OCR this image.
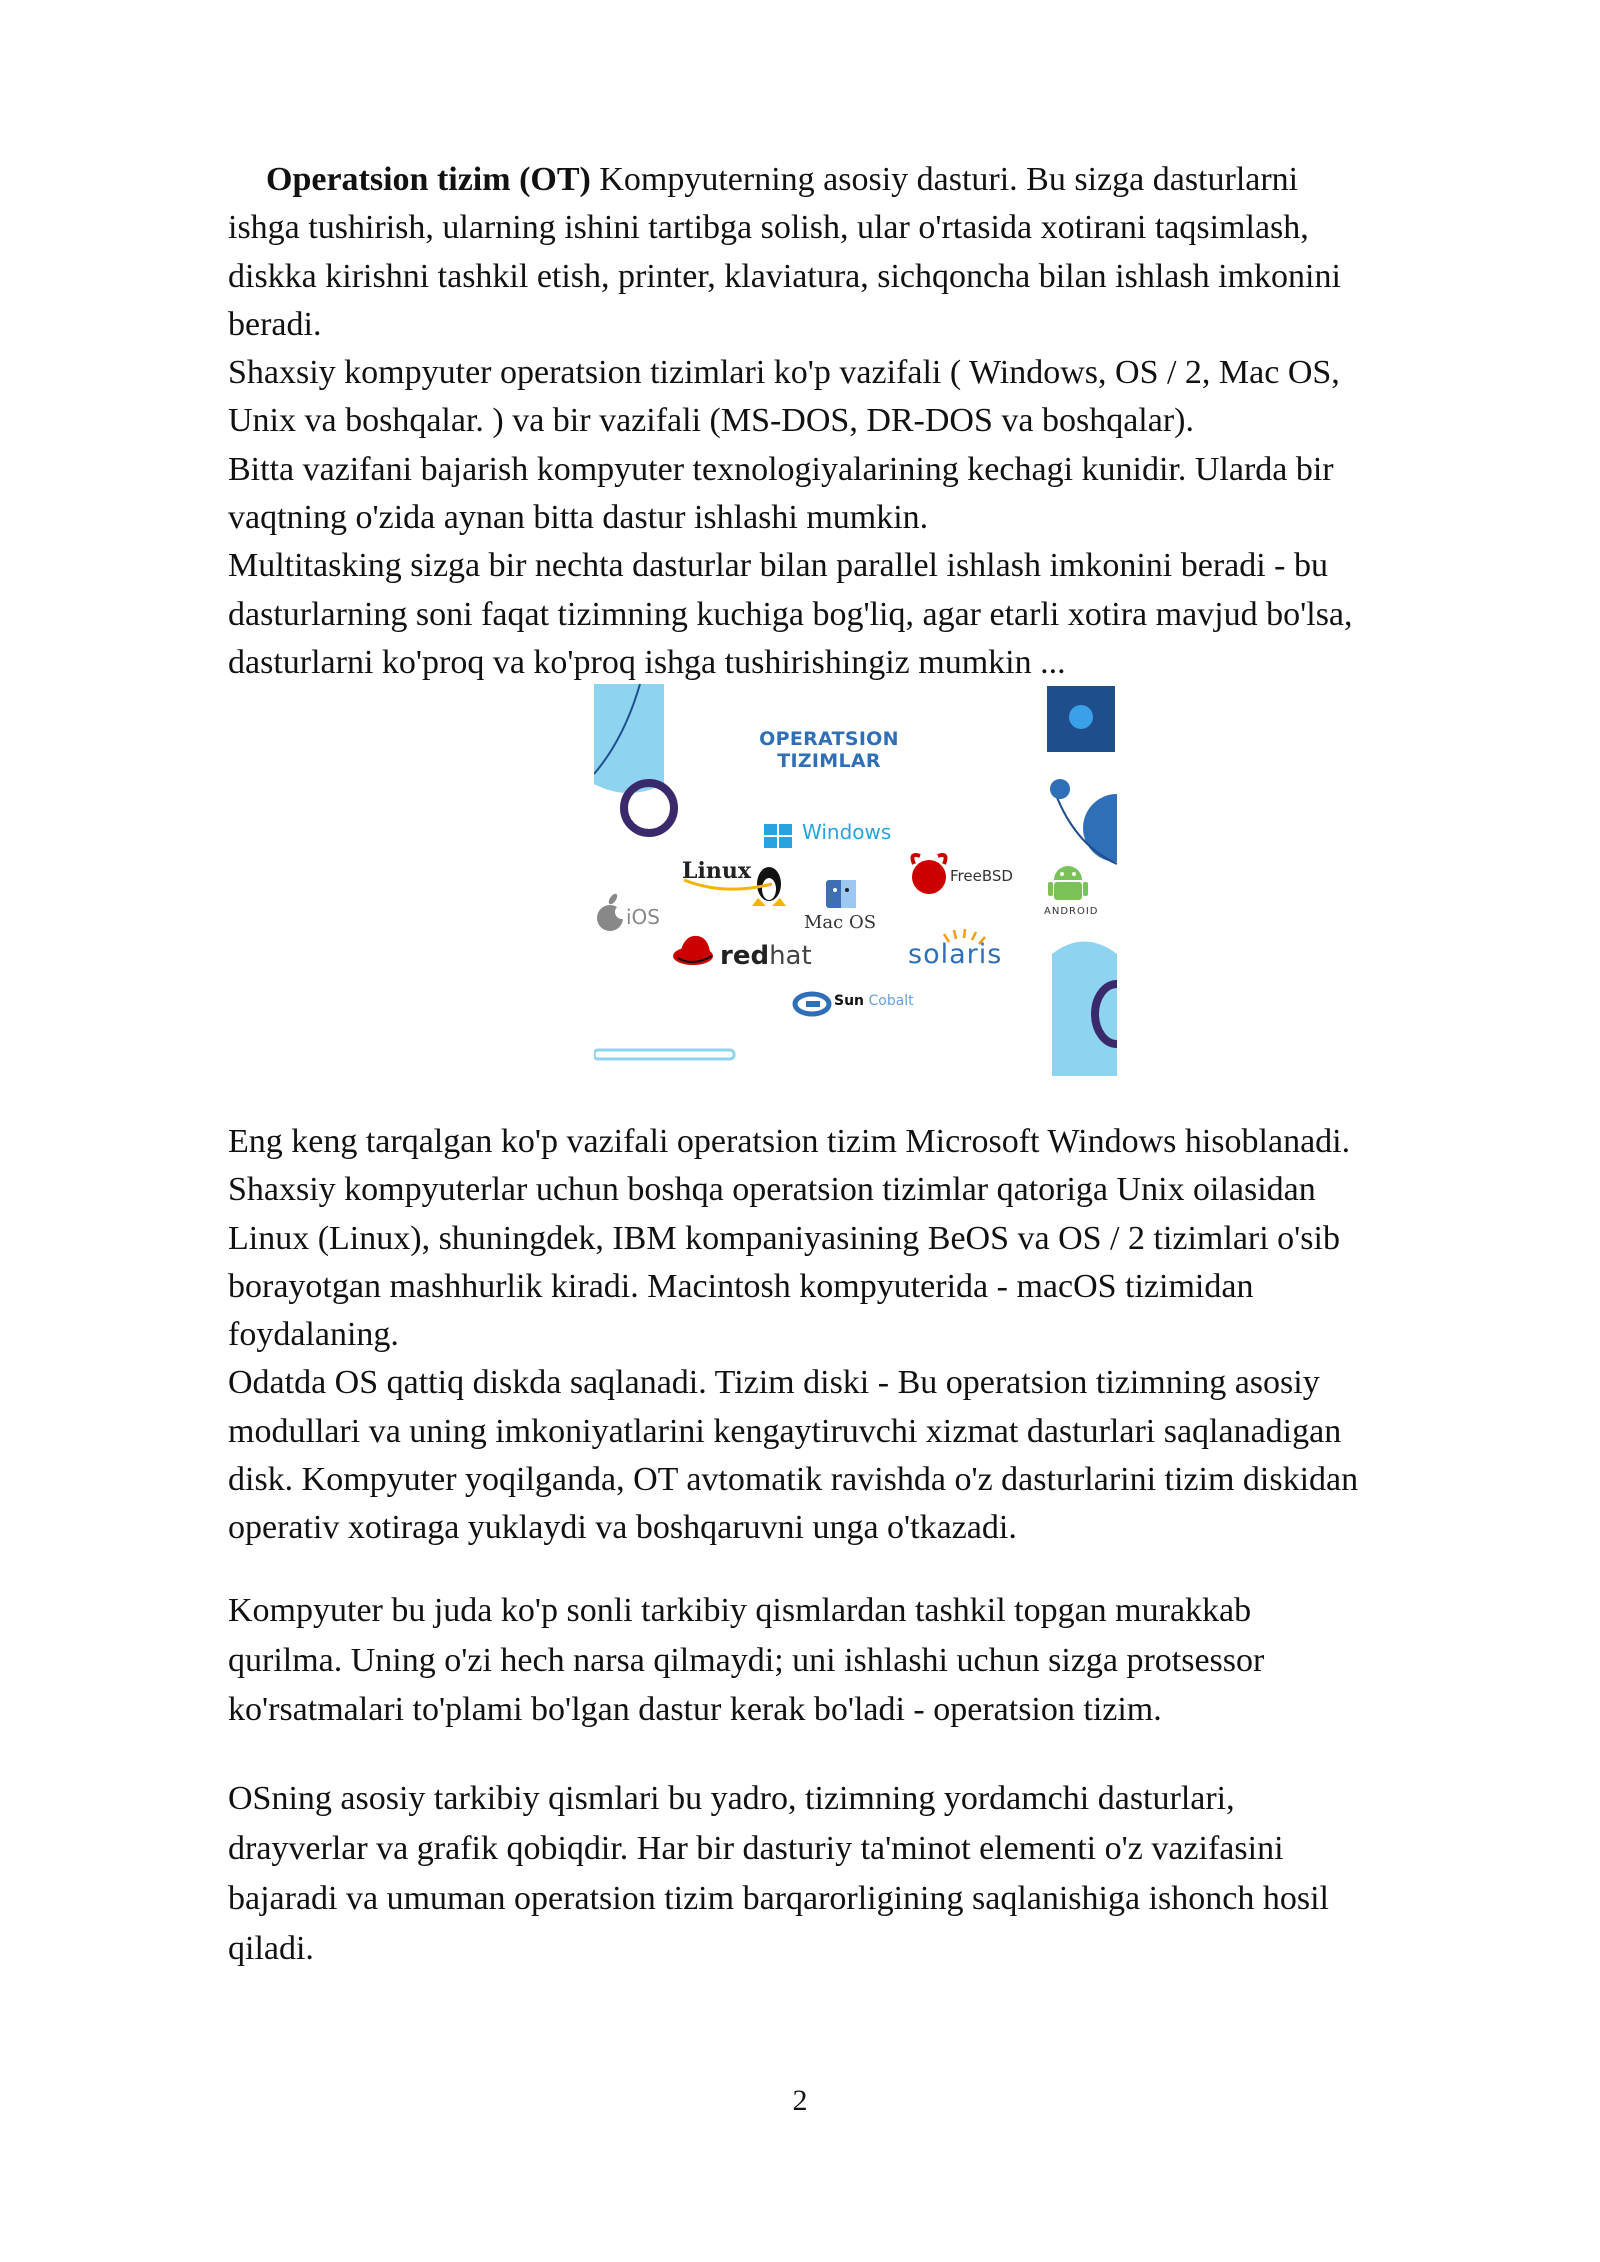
Operatsion tizim (OT) Kompyuterning asosiy dasturi. Bu sizga dasturlarni
ishga tushirish, ularning ishini tartibga solish, ular o'rtasida xotirani taqsimlash,
diskka kirishni tashkil etish, printer, klaviatura, sichqoncha bilan ishlash imkonini
beradi.
Shaxsiy kompyuter operatsion tizimlari ko'p vazifali ( Windows, OS / 2, Mac OS,
Unix va boshqalar. ) va bir vazifali (MS-DOS, DR-DOS va boshqalar).
Bitta vazifani bajarish kompyuter texnologiyalarining kechagi kunidir. Ularda bir
vaqtning o'zida aynan bitta dastur ishlashi mumkin.
Multitasking sizga bir nechta dasturlar bilan parallel ishlash imkonini beradi - bu
dasturlarning soni faqat tizimning kuchiga bog'liq, agar etarli xotira mavjud bo'lsa,
dasturlarni ko'proq va ko'proq ishga tushirishingiz mumkin ...
OPERATSION TIZIMLAR
Windows
Linux	FreeBSD
ANDROID
iOS	Mac OS
redhat	solaris
Sun Cobalt
Eng keng tarqalgan ko'p vazifali operatsion tizim Microsoft Windows hisoblanadi.
Shaxsiy kompyuterlar uchun boshqa operatsion tizimlar qatoriga Unix oilasidan
Linux (Linux), shuningdek, IBM kompaniyasining BeOS va OS / 2 tizimlari o'sib
borayotgan mashhurlik kiradi. Macintosh kompyuterida - macOS tizimidan
foydalaning.
Odatda OS qattiq diskda saqlanadi. Tizim diski - Bu operatsion tizimning asosiy
modullari va uning imkoniyatlarini kengaytiruvchi xizmat dasturlari saqlanadigan
disk. Kompyuter yoqilganda, OT avtomatik ravishda o'z dasturlarini tizim diskidan
operativ xotiraga yuklaydi va boshqaruvni unga o'tkazadi.
Kompyuter bu juda ko'p sonli tarkibiy qismlardan tashkil topgan murakkab
qurilma. Uning o'zi hech narsa qilmaydi; uni ishlashi uchun sizga protsessor
ko'rsatmalari to'plami bo'lgan dastur kerak bo'ladi - operatsion tizim.
OSning asosiy tarkibiy qismlari bu yadro, tizimning yordamchi dasturlari,
drayverlar va grafik qobiqdir. Har bir dasturiy ta'minot elementi o'z vazifasini
bajaradi va umuman operatsion tizim barqarorligining saqlanishiga ishonch hosil
qiladi.
2
